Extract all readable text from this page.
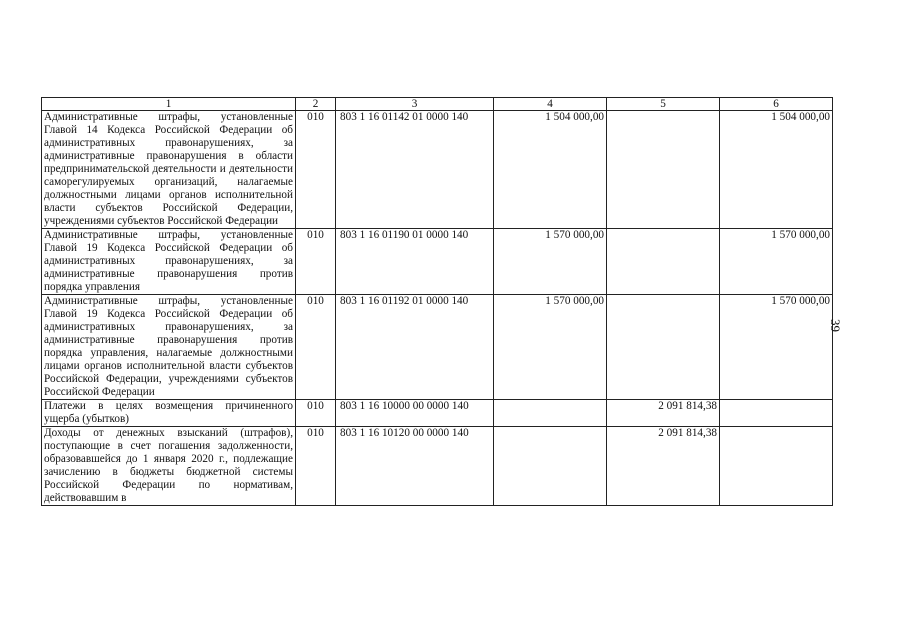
1	2	3	4	5	6
Административные штрафы, установленные Главой 14 Кодекса Российской Федерации об административных правонарушениях, за административные правонарушения в области предпринимательской деятельности и деятельности саморегулируемых организаций, налагаемые должностными лицами органов исполнительной власти субъектов Российской Федерации, учреждениями субъектов Российской Федерации	010	803 1 16 01142 01 0000 140	1 504 000,00		1 504 000,00
Административные штрафы, установленные Главой 19 Кодекса Российской Федерации об административных правонарушениях, за административные правонарушения против порядка управления	010	803 1 16 01190 01 0000 140	1 570 000,00		1 570 000,00
Административные штрафы, установленные Главой 19 Кодекса Российской Федерации об административных правонарушениях, за административные правонарушения против порядка управления, налагаемые должностными лицами органов исполнительной власти субъектов Российской Федерации, учреждениями субъектов Российской Федерации	010	803 1 16 01192 01 0000 140	1 570 000,00		1 570 000,00
Платежи в целях возмещения причиненного ущерба (убытков)	010	803 1 16 10000 00 0000 140		2 091 814,38	
Доходы от денежных взысканий (штрафов), поступающие в счет погашения задолженности, образовавшейся до 1 января 2020 г., подлежащие зачислению в бюджеты бюджетной системы Российской Федерации по нормативам, действовавшим в	010	803 1 16 10120 00 0000 140		2 091 814,38	
39
